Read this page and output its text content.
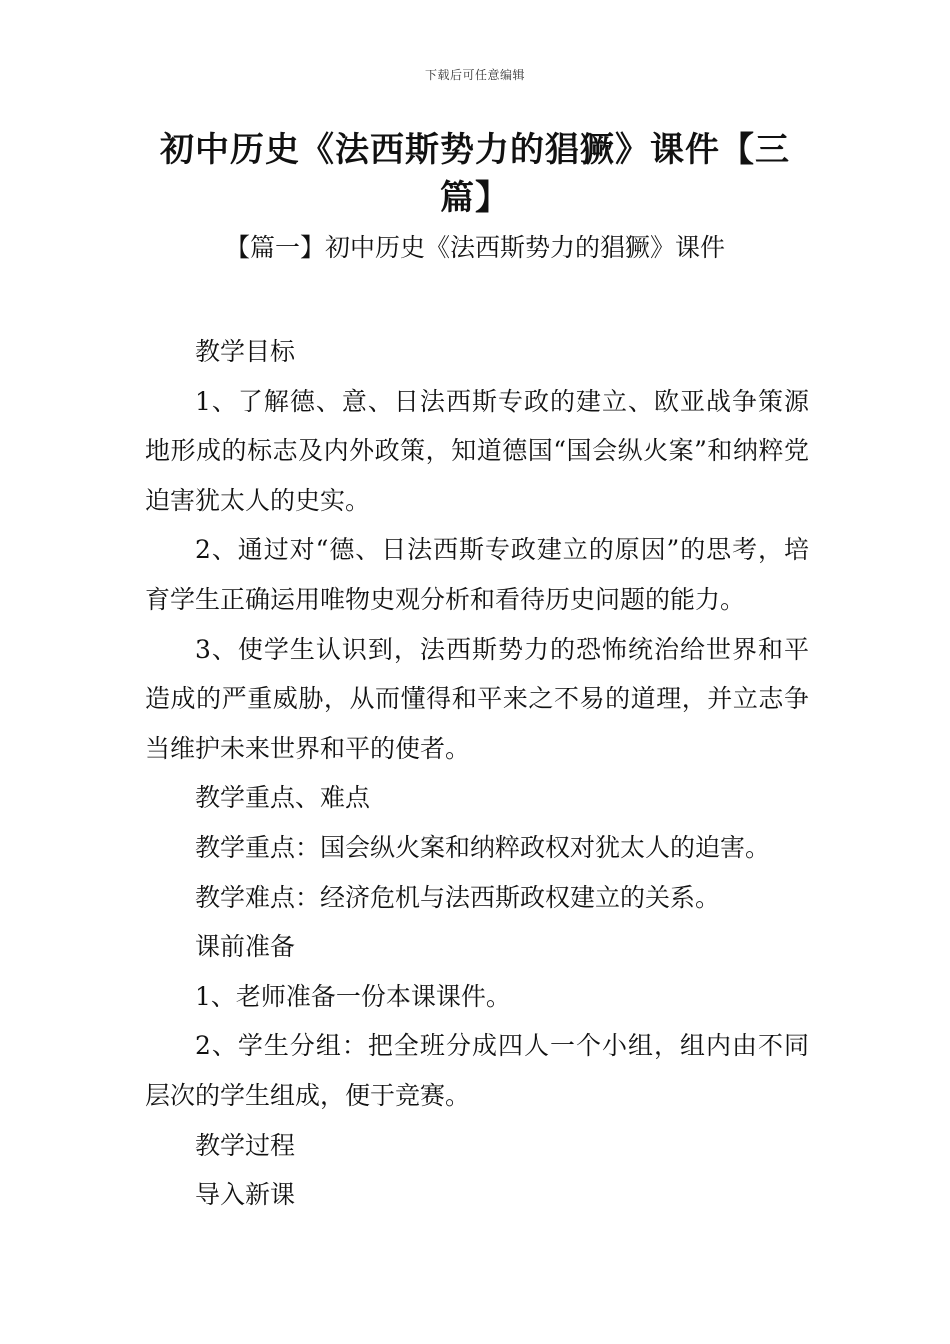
下载后可任意编辑
初中历史《法西斯势力的猖獗》课件【三篇】
【篇一】初中历史《法西斯势力的猖獗》课件

教学目标

1、了解德、意、日法西斯专政的建立、欧亚战争策源地形成的标志及内外政策，知道德国“国会纵火案”和纳粹党迫害犹太人的史实。

2、通过对“德、日法西斯专政建立的原因”的思考，培育学生正确运用唯物史观分析和看待历史问题的能力。

3、使学生认识到，法西斯势力的恐怖统治给世界和平造成的严重威胁，从而懂得和平来之不易的道理，并立志争当维护未来世界和平的使者。

教学重点、难点

教学重点：国会纵火案和纳粹政权对犹太人的迫害。

教学难点：经济危机与法西斯政权建立的关系。

课前准备

1、老师准备一份本课课件。

2、学生分组：把全班分成四人一个小组，组内由不同层次的学生组成，便于竞赛。

教学过程

导入新课
